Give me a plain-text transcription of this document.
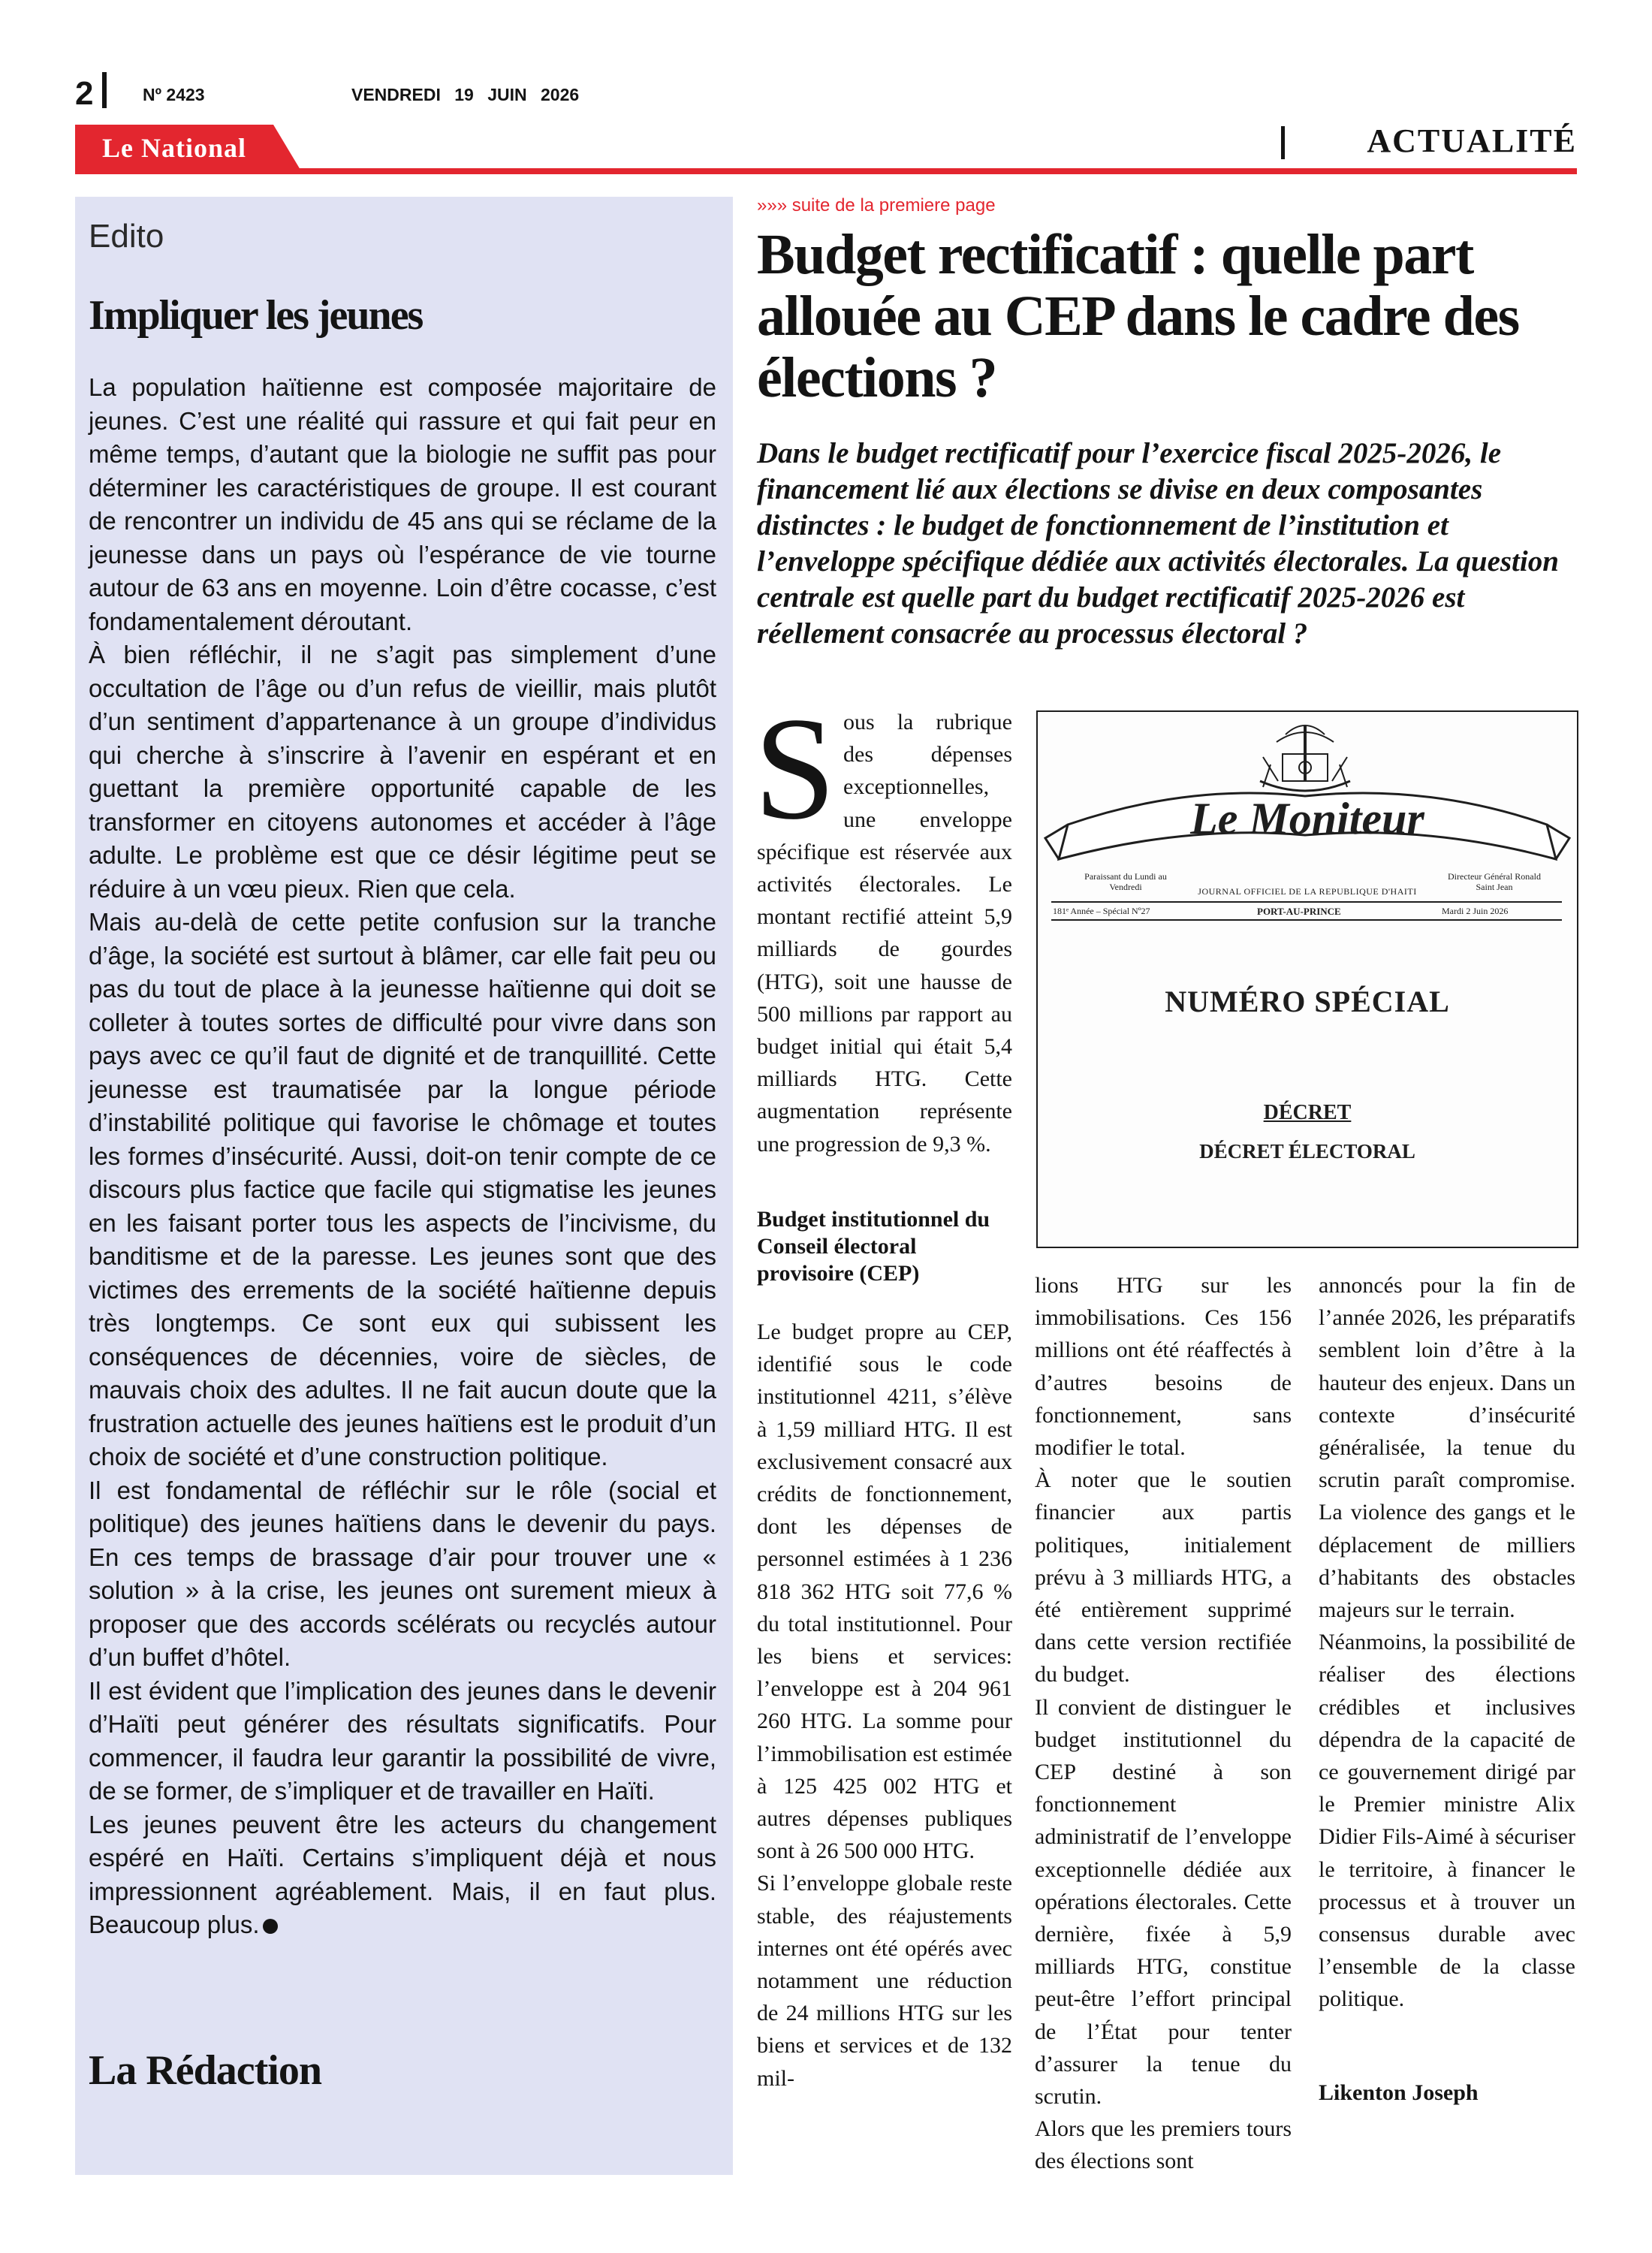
2	Nº 2423	VENDREDI 19 JUIN 2026
Le National	ACTUALITÉ
Edito
Impliquer les jeunes

La population haïtienne est composée majoritaire de jeunes. C’est une réalité qui rassure et qui fait peur en même temps, d’autant que la biologie ne suffit pas pour déterminer les caractéristiques de groupe. Il est courant de rencontrer un individu de 45 ans qui se réclame de la jeunesse dans un pays où l’espérance de vie tourne autour de 63 ans en moyenne. Loin d’être cocasse, c’est fondamentalement déroutant.

À bien réfléchir, il ne s’agit pas simplement d’une occultation de l’âge ou d’un refus de vieillir, mais plutôt d’un sentiment d’appartenance à un groupe d’individus qui cherche à s’inscrire à l’avenir en espérant et en guettant la première opportunité capable de les transformer en citoyens autonomes et accéder à l’âge adulte. Le problème est que ce désir légitime peut se réduire à un vœu pieux. Rien que cela.

Mais au-delà de cette petite confusion sur la tranche d’âge, la société est surtout à blâmer, car elle fait peu ou pas du tout de place à la jeunesse haïtienne qui doit se colleter à toutes sortes de difficulté pour vivre dans son pays avec ce qu’il faut de dignité et de tranquillité. Cette jeunesse est traumatisée par la longue période d’instabilité politique qui favorise le chômage et toutes les formes d’insécurité. Aussi, doit-on tenir compte de ce discours plus factice que facile qui stigmatise les jeunes en les faisant porter tous les aspects de l’incivisme, du banditisme et de la paresse. Les jeunes sont que des victimes des errements de la société haïtienne depuis très longtemps. Ce sont eux qui subissent les conséquences de décennies, voire de siècles, de mauvais choix des adultes. Il ne fait aucun doute que la frustration actuelle des jeunes haïtiens est le produit d’un choix de société et d’une construction politique.

Il est fondamental de réfléchir sur le rôle (social et politique) des jeunes haïtiens dans le devenir du pays. En ces temps de brassage d’air pour trouver une « solution » à la crise, les jeunes ont surement mieux à proposer que des accords scélérats ou recyclés autour d’un buffet d’hôtel.

Il est évident que l’implication des jeunes dans le devenir d’Haïti peut générer des résultats significatifs. Pour commencer, il faudra leur garantir la possibilité de vivre, de se former, de s’impliquer et de travailler en Haïti.

Les jeunes peuvent être les acteurs du changement espéré en Haïti. Certains s’impliquent déjà et nous impressionnent agréablement. Mais, il en faut plus. Beaucoup plus.

La Rédaction
»»» suite de la premiere page
Budget rectificatif : quelle part allouée au CEP dans le cadre des élections ?

Dans le budget rectificatif pour l’exercice fiscal 2025-2026, le financement lié aux élections se divise en deux composantes distinctes : le budget de fonctionnement de l’institution et l’enveloppe spécifique dédiée aux activités électorales. La question centrale est quelle part du budget rectificatif 2025-2026 est réellement consacrée au processus électoral ?

S ous la rubrique des dépenses exceptionnelles, une enveloppe spécifique est réservée aux activités électorales. Le montant rectifié atteint 5,9 milliards de gourdes (HTG), soit une hausse de 500 millions par rapport au budget initial qui était 5,4 milliards HTG. Cette augmentation représente une progression de 9,3 %.
Budget institutionnel du Conseil électoral provisoire (CEP)

Le budget propre au CEP, identifié sous le code institutionnel 4211, s’élève à 1,59 milliard HTG. Il est exclusivement consacré aux crédits de fonctionnement, dont les dépenses de personnel estimées à 1 236 818 362 HTG soit 77,6 % du total institutionnel. Pour les biens et services: l’enveloppe est à 204 961 260 HTG. La somme pour l’immobilisation est estimée à 125 425 002 HTG et autres dépenses publiques sont à 26 500 000 HTG.

Si l’enveloppe globale reste stable, des réajustements internes ont été opérés avec notamment une réduction de 24 millions HTG sur les biens et services et de 132 mil-

lions HTG sur les immobilisations. Ces 156 millions ont été réaffectés à d’autres besoins de fonctionnement, sans modifier le total.

À noter que le soutien financier aux partis politiques, initialement prévu à 3 milliards HTG, a été entièrement supprimé dans cette version rectifiée du budget.

Il convient de distinguer le budget institutionnel du CEP destiné à son fonctionnement administratif de l’enveloppe exceptionnelle dédiée aux opérations électorales. Cette dernière, fixée à 5,9 milliards HTG, constitue peut-être l’effort principal de l’État pour tenter d’assurer la tenue du scrutin.

Alors que les premiers tours des élections sont

annoncés pour la fin de l’année 2026, les préparatifs semblent loin d’être à la hauteur des enjeux. Dans un contexte d’insécurité généralisée, la tenue du scrutin paraît compromise. La violence des gangs et le déplacement de milliers d’habitants des obstacles majeurs sur le terrain.

Néanmoins, la possibilité de réaliser des élections crédibles et inclusives dépendra de la capacité de ce gouvernement dirigé par le Premier ministre Alix Didier Fils-Aimé à sécuriser le territoire, à financer le processus et à trouver un consensus durable avec l’ensemble de la classe politique.

Likenton Joseph
Le Moniteur
Paraissant du Lundi au Vendredi	JOURNAL OFFICIEL DE LA REPUBLIQUE D'HAITI
Directeur Général Ronald Saint Jean
181ᵉ Année – Spécial Nº27	PORT-AU-PRINCE	Mardi 2 Juin 2026
NUMÉRO SPÉCIAL
DÉCRET
DÉCRET ÉLECTORAL
